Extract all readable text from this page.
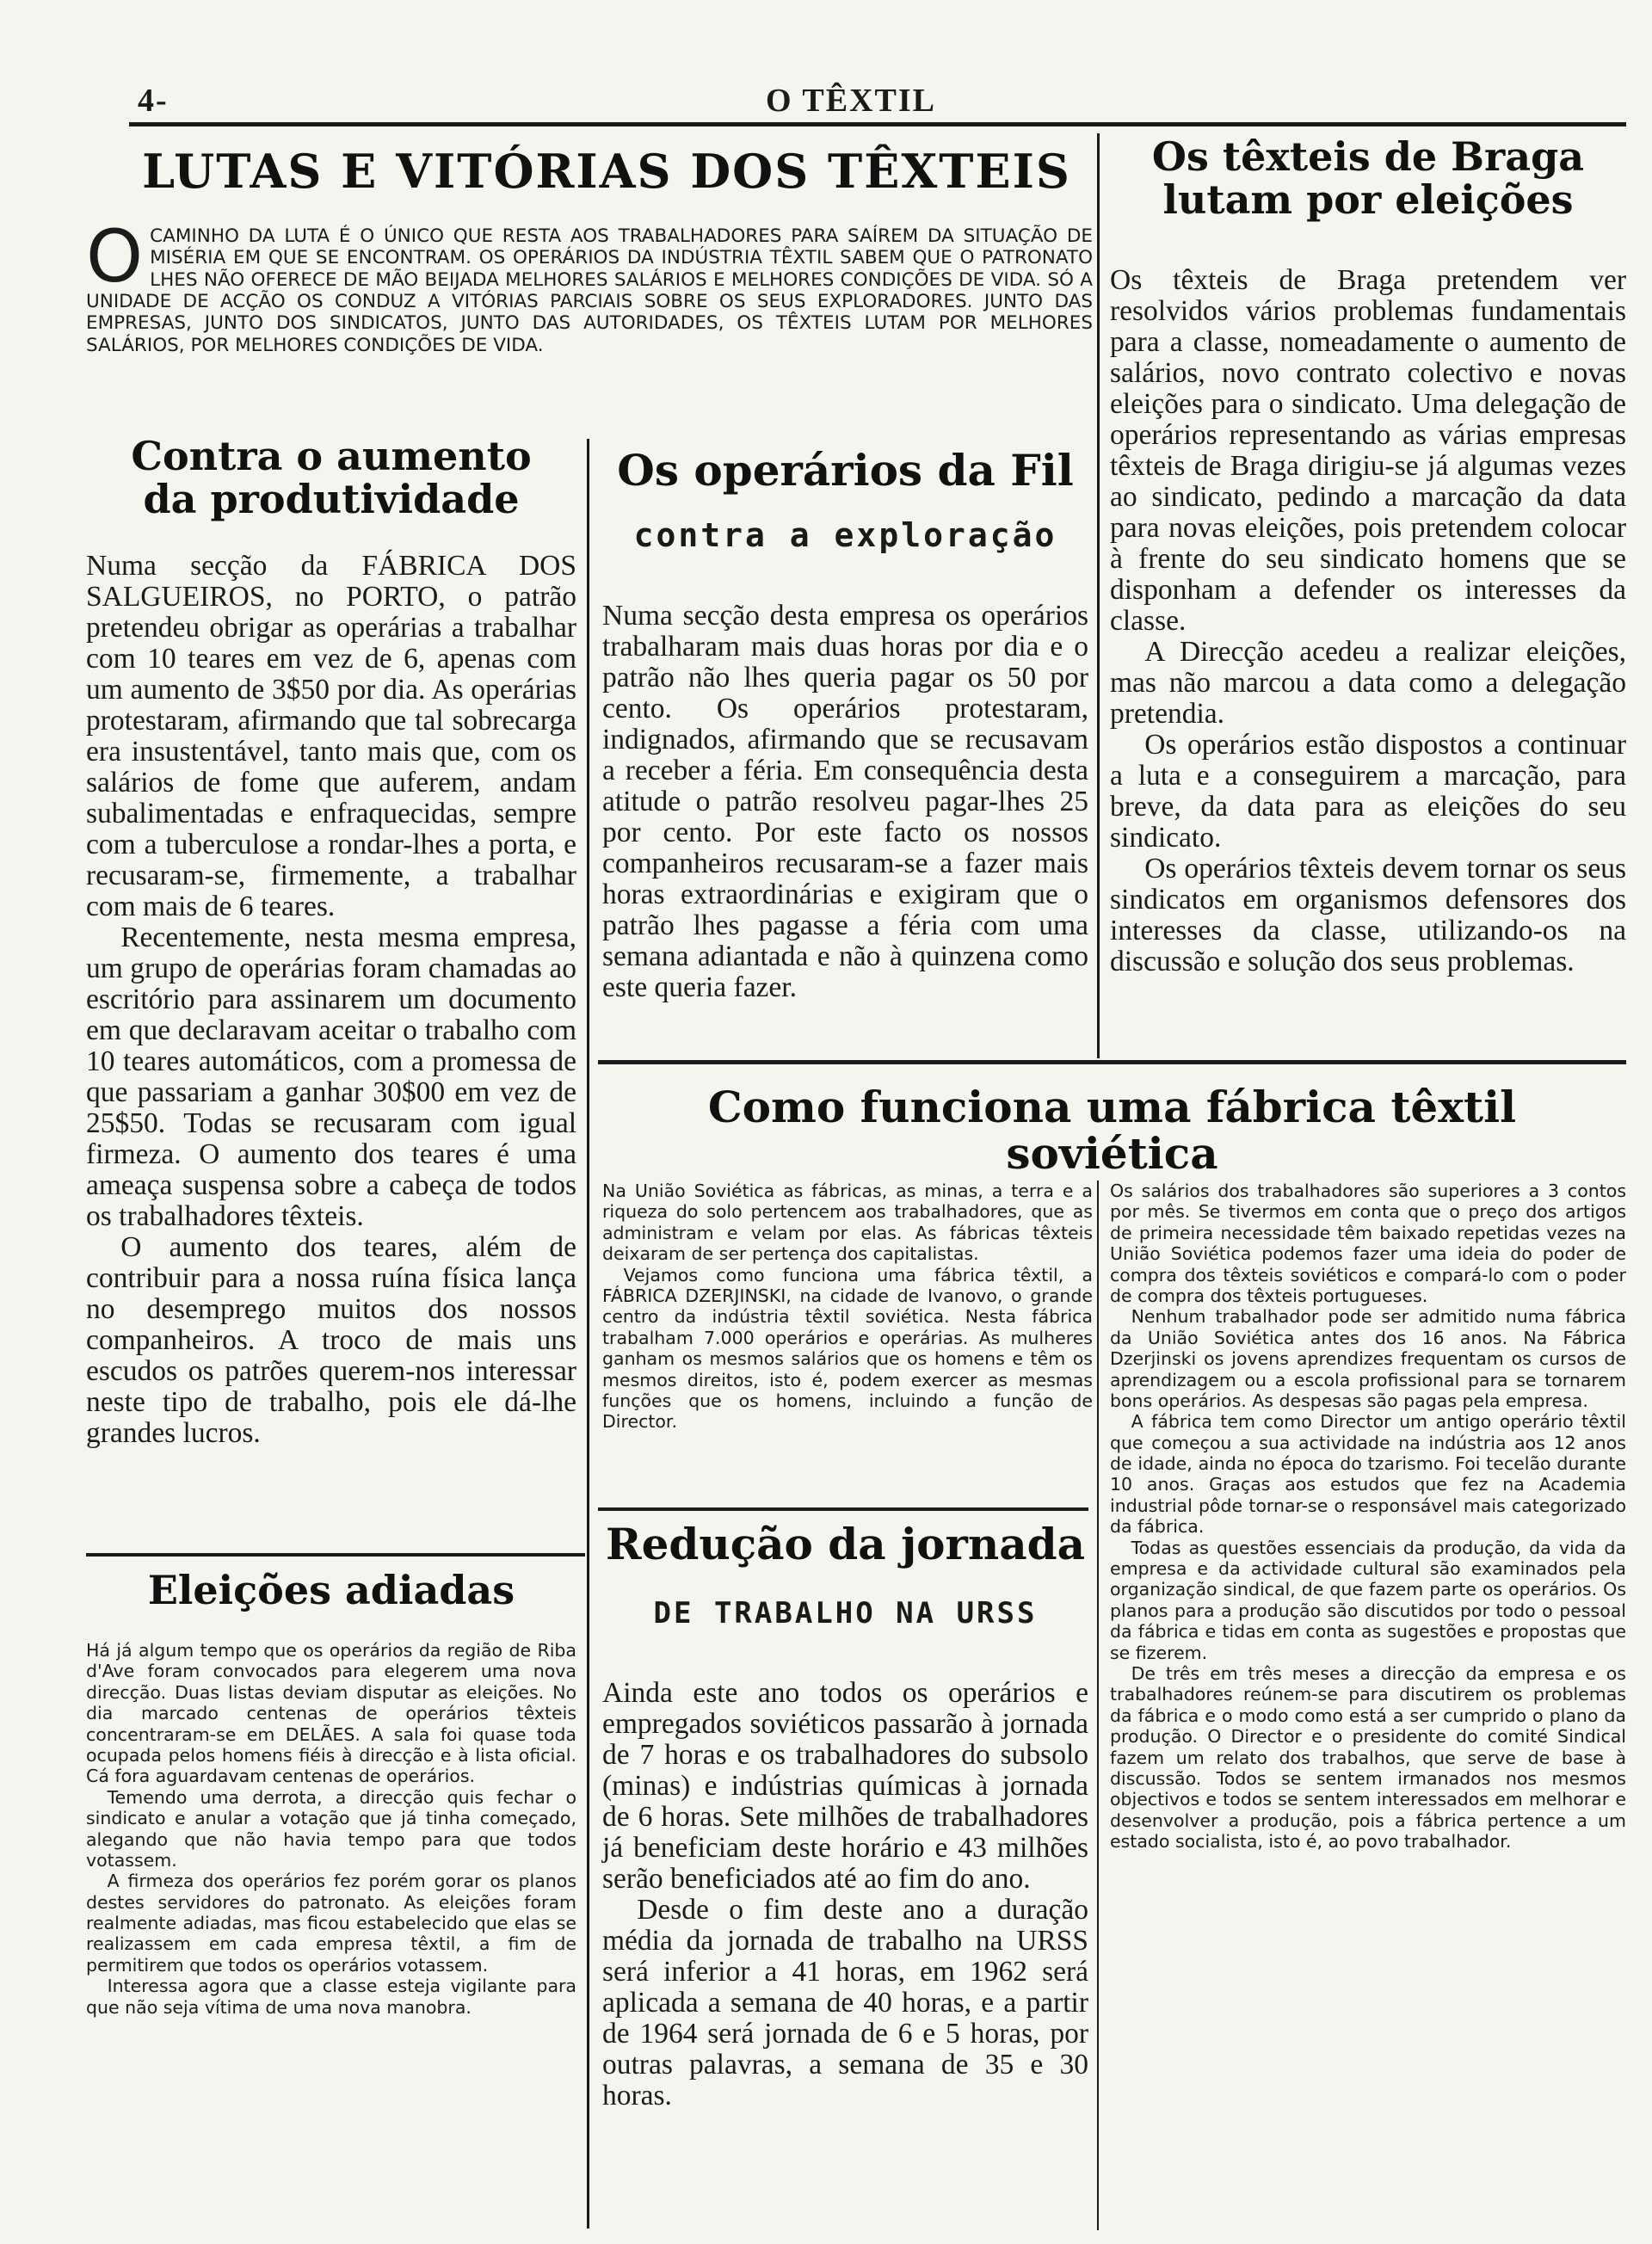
4-	O TÊXTIL
LUTAS E VITÓRIAS DOS TÊXTEIS
O CAMINHO DA LUTA É O ÚNICO QUE RESTA AOS TRABALHADORES PARA SAÍREM DA SITUAÇÃO DE MISÉRIA EM QUE SE ENCONTRAM. OS OPERÁRIOS DA INDÚSTRIA TÊXTIL SABEM QUE O PATRONATO LHES NÃO OFERECE DE MÃO BEIJADA MELHORES SALÁRIOS E MELHORES CONDIÇÕES DE VIDA. SÓ A UNIDADE DE ACÇÃO OS CONDUZ A VITÓRIAS PARCIAIS SOBRE OS SEUS EXPLORADORES. JUNTO DAS EMPRESAS, JUNTO DOS SINDICATOS, JUNTO DAS AUTORIDADES, OS TÊXTEIS LUTAM POR MELHORES SALÁRIOS, POR MELHORES CONDIÇÕES DE VIDA.
Os têxteis de Braga
lutam por eleições

Os têxteis de Braga pretendem ver resolvidos vários problemas fundamentais para a classe, nomeadamente o aumento de salários, novo contrato colectivo e novas eleições para o sindicato. Uma delegação de operários representando as várias empresas têxteis de Braga dirigiu-se já algumas vezes ao sindicato, pedindo a marcação da data para novas eleições, pois pretendem colocar à frente do seu sindicato homens que se disponham a defender os interesses da classe.

A Direcção acedeu a realizar eleições, mas não marcou a data como a delegação pretendia.

Os operários estão dispostos a continuar a luta e a conseguirem a marcação, para breve, da data para as eleições do seu sindicato.

Os operários têxteis devem tornar os seus sindicatos em organismos defensores dos interesses da classe, utilizando-os na discussão e solução dos seus problemas.

Contra o aumento
da produtividade

Numa secção da FÁBRICA DOS SALGUEIROS, no PORTO, o patrão pretendeu obrigar as operárias a trabalhar com 10 teares em vez de 6, apenas com um aumento de 3$50 por dia. As operárias protestaram, afirmando que tal sobrecarga era insustentável, tanto mais que, com os salários de fome que auferem, andam subalimentadas e enfraquecidas, sempre com a tuberculose a rondar-lhes a porta, e recusaram-se, firmemente, a trabalhar com mais de 6 teares.

Recentemente, nesta mesma empresa, um grupo de operárias foram chamadas ao escritório para assinarem um documento em que declaravam aceitar o trabalho com 10 teares automáticos, com a promessa de que passariam a ganhar 30$00 em vez de 25$50. Todas se recusaram com igual firmeza. O aumento dos teares é uma ameaça suspensa sobre a cabeça de todos os trabalhadores têxteis.

O aumento dos teares, além de contribuir para a nossa ruína física lança no desemprego muitos dos nossos companheiros. A troco de mais uns escudos os patrões querem-nos interessar neste tipo de trabalho, pois ele dá-lhe grandes lucros.

Os operários da Fil
contra a exploração

Numa secção desta empresa os operários trabalharam mais duas horas por dia e o patrão não lhes queria pagar os 50 por cento. Os operários protestaram, indignados, afirmando que se recusavam a receber a féria. Em consequência desta atitude o patrão resolveu pagar-lhes 25 por cento. Por este facto os nossos companheiros recusaram-se a fazer mais horas extraordinárias e exigiram que o patrão lhes pagasse a féria com uma semana adiantada e não à quinzena como este queria fazer.

Como funciona uma fábrica têxtil soviética

Na União Soviética as fábricas, as minas, a terra e a riqueza do solo pertencem aos trabalhadores, que as administram e velam por elas. As fábricas têxteis deixaram de ser pertença dos capitalistas.

Vejamos como funciona uma fábrica têxtil, a FÁBRICA DZERJINSKI, na cidade de Ivanovo, o grande centro da indústria têxtil soviética. Nesta fábrica trabalham 7.000 operários e operárias. As mulheres ganham os mesmos salários que os homens e têm os mesmos direitos, isto é, podem exercer as mesmas funções que os homens, incluindo a função de Director.

Os salários dos trabalhadores são superiores a 3 contos por mês. Se tivermos em conta que o preço dos artigos de primeira necessidade têm baixado repetidas vezes na União Soviética podemos fazer uma ideia do poder de compra dos têxteis soviéticos e compará-lo com o poder de compra dos têxteis portugueses.

Nenhum trabalhador pode ser admitido numa fábrica da União Soviética antes dos 16 anos. Na Fábrica Dzerjinski os jovens aprendizes frequentam os cursos de aprendizagem ou a escola profissional para se tornarem bons operários. As despesas são pagas pela empresa.

A fábrica tem como Director um antigo operário têxtil que começou a sua actividade na indústria aos 12 anos de idade, ainda no época do tzarismo. Foi tecelão durante 10 anos. Graças aos estudos que fez na Academia industrial pôde tornar-se o responsável mais categorizado da fábrica.

Todas as questões essenciais da produção, da vida da empresa e da actividade cultural são examinados pela organização sindical, de que fazem parte os operários. Os planos para a produção são discutidos por todo o pessoal da fábrica e tidas em conta as sugestões e propostas que se fizerem.

De três em três meses a direcção da empresa e os trabalhadores reúnem-se para discutirem os problemas da fábrica e o modo como está a ser cumprido o plano da produção. O Director e o presidente do comité Sindical fazem um relato dos trabalhos, que serve de base à discussão. Todos se sentem irmanados nos mesmos objectivos e todos se sentem interessados em melhorar e desenvolver a produção, pois a fábrica pertence a um estado socialista, isto é, ao povo trabalhador.

Eleições adiadas

Há já algum tempo que os operários da região de Riba d'Ave foram convocados para elegerem uma nova direcção. Duas listas deviam disputar as eleições. No dia marcado centenas de operários têxteis concentraram-se em DELÃES. A sala foi quase toda ocupada pelos homens fiéis à direcção e à lista oficial. Cá fora aguardavam centenas de operários.

Temendo uma derrota, a direcção quis fechar o sindicato e anular a votação que já tinha começado, alegando que não havia tempo para que todos votassem.

A firmeza dos operários fez porém gorar os planos destes servidores do patronato. As eleições foram realmente adiadas, mas ficou estabelecido que elas se realizassem em cada empresa têxtil, a fim de permitirem que todos os operários votassem.

Interessa agora que a classe esteja vigilante para que não seja vítima de uma nova manobra.

Redução da jornada
DE TRABALHO NA URSS

Ainda este ano todos os operários e empregados soviéticos passarão à jornada de 7 horas e os trabalhadores do subsolo (minas) e indústrias químicas à jornada de 6 horas. Sete milhões de trabalhadores já beneficiam deste horário e 43 milhões serão beneficiados até ao fim do ano.

Desde o fim deste ano a duração média da jornada de trabalho na URSS será inferior a 41 horas, em 1962 será aplicada a semana de 40 horas, e a partir de 1964 será jornada de 6 e 5 horas, por outras palavras, a semana de 35 e 30 horas.
